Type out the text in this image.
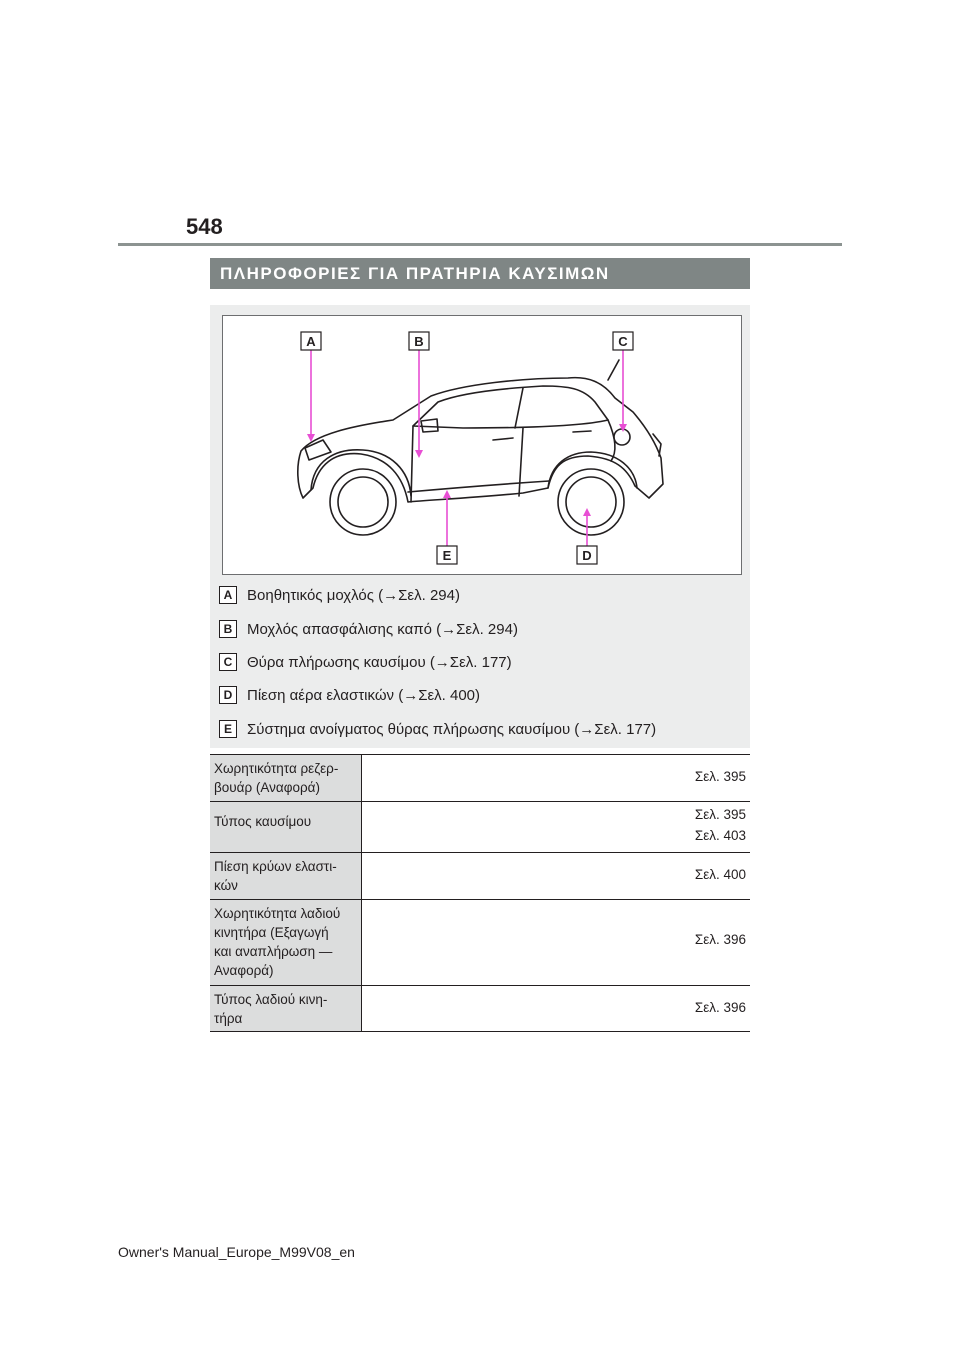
548
ΠΛΗΡΟΦΟΡΙΕΣ ΓΙΑ ΠΡΑΤΗΡΙΑ ΚΑΥΣΙΜΩΝ
A	B	C
E	D
A Βοηθητικός μοχλός (→Σελ. 294)
B Μοχλός απασφάλισης καπό (→Σελ. 294)
C Θύρα πλήρωσης καυσίμου (→Σελ. 177)
D Πίεση αέρα ελαστικών (→Σελ. 400)
E	Σύστημα ανοίγματος θύρας πλήρωσης καυσίμου (→Σελ. 177)
Χωρητικότητα ρεζερ-
βουάρ (Αναφορά)	Σελ. 395

Τύπος καυσίμου	Σελ. 395
Σελ. 403

Πίεση κρύων ελαστι-
κών	Σελ. 400

Χωρητικότητα λαδιού
κινητήρα (Εξαγωγή
και αναπλήρωση —
Αναφορά)	Σελ. 396

Τύπος λαδιού κινη-
τήρα	Σελ. 396
Owner's Manual_Europe_M99V08_en
